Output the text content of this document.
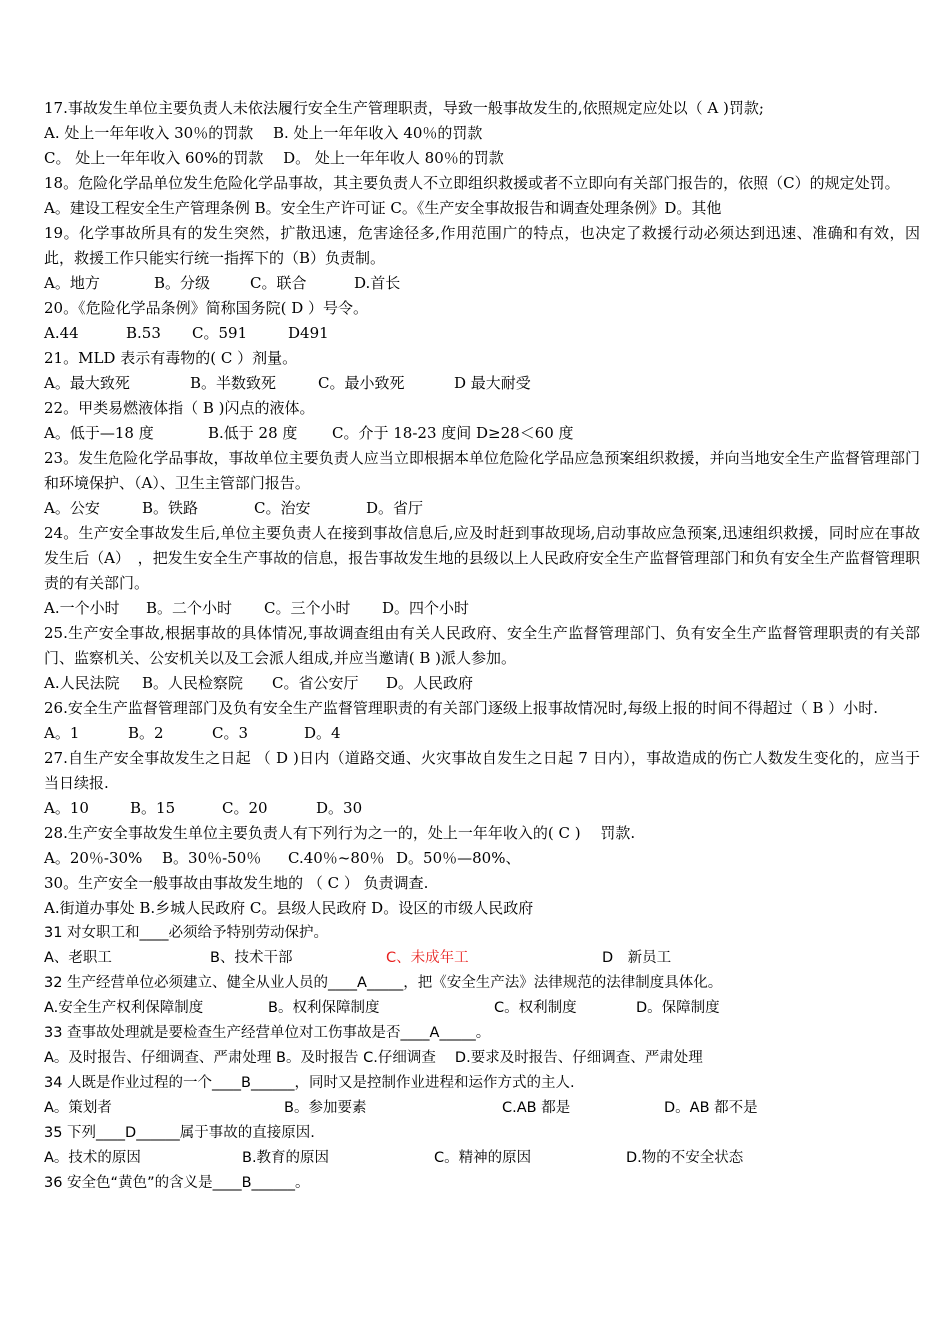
17.事故发生单位主要负责人未依法履行安全生产管理职责，导致一般事故发生的,依照规定应处以（ A )罚款;
A. 处上一年年收入 30％的罚款　 B. 处上一年年收入 40％的罚款
C。 处上一年年收入 60%的罚款　 D。 处上一年年收人 80％的罚款
18。危险化学品单位发生危险化学品事故，其主要负责人不立即组织救援或者不立即向有关部门报告的，依照（C）的规定处罚。
A。建设工程安全生产管理条例 B。安全生产许可证 C。《生产安全事故报告和调查处理条例》D。其他
19。化学事故所具有的发生突然，扩散迅速，危害途径多,作用范围广的特点，也决定了救援行动必须达到迅速、准确和有效，因此，救援工作只能实行统一指挥下的（B）负责制。

A。地方

	B。分级

	C。联合

	D.首长

20。《危险化学品条例》简称国务院( D ）号令。

A.44

	B.53

C。591

	D491

21。MLD 表示有毒物的( C ）剂量。

A。最大致死

	B。半数致死

	C。最小致死

	D 最大耐受

22。甲类易燃液体指（ B )闪点的液体。

A。低于—18 度

	B.低于 28 度

C。介于 18-23 度间 D≥28＜60 度

23。发生危险化学品事故，事故单位主要负责人应当立即根据本单位危险化学品应急预案组织救援，并向当地安全生产监督管理部门和环境保护、（A）、卫生主管部门报告。

A。公安

	B。铁路

	C。治安

	D。省厅

24。生产安全事故发生后,单位主要负责人在接到事故信息后,应及时赶到事故现场,启动事故应急预案,迅速组织救援，同时应在事故发生后（A）　，把发生安全生产事故的信息，报告事故发生地的县级以上人民政府安全生产监督管理部门和负有安全生产监督管理职责的有关部门。

A.一个小时

B。二个小时

C。三个小时

D。四个小时

25.生产安全事故,根据事故的具体情况,事故调查组由有关人民政府、安全生产监督管理部门、负有安全生产监督管理职责的有关部门、监察机关、公安机关以及工会派人组成,并应当邀请( B )派人参加。

A.人民法院

B。人民检察院

C。省公安厅

D。人民政府

26.安全生产监督管理部门及负有安全生产监督管理职责的有关部门逐级上报事故情况时,每级上报的时间不得超过（ B ）小时.

A。1

	B。2

	C。3

	D。4

27.自生产安全事故发生之日起 （ D )日内（道路交通、火灾事故自发生之日起 7 日内），事故造成的伤亡人数发生变化的，应当于当日续报.

A。10

	B。15

	C。20

	D。30

28.生产安全事故发生单位主要负责人有下列行为之一的，处上一年年收入的( C )　 罚款.

A。20％-30%

B。30％-50％

C.40％~80％

D。50％—80%、

30。生产安全一般事故由事故发生地的 （ C ） 负责调查.
A.街道办事处 B.乡城人民政府 C。县级人民政府 D。设区的市级人民政府
31 对女职工和____必须给予特别劳动保护。

A、老职工

	B、技术干部

	C、未成年工

	D　新员工

32 生产经营单位必须建立、健全从业人员的____A_____，把《安全生产法》法律规范的法律制度具体化。

A.安全生产权利保障制度

	B。权利保障制度

	C。权利制度

	D。保障制度

33 查事故处理就是要检查生产经营单位对工伤事故是否____A_____。
A。及时报告、仔细调查、严肃处理 B。及时报告 C.仔细调查　 D.要求及时报告、仔细调查、严肃处理
34 人既是作业过程的一个____B______，同时又是控制作业进程和运作方式的主人.

A。策划者

	B。参加要素

	C.AB 都是

	D。AB 都不是

35 下列____D______属于事故的直接原因.

A。技术的原因

	B.教育的原因

	C。精神的原因

	D.物的不安全状态

36 安全色“黄色”的含义是____B______。
